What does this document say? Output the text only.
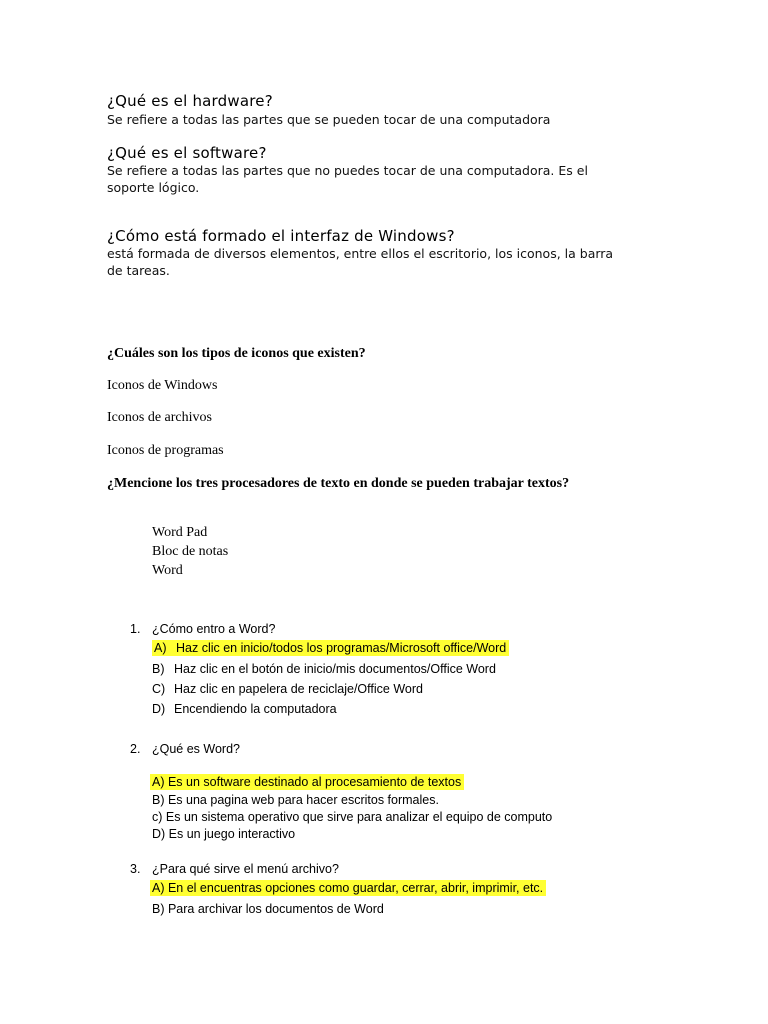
¿Qué es el hardware?
Se refiere a todas las partes que se pueden tocar de una computadora
¿Qué es el software?
Se refiere a todas las partes que no puedes tocar de una computadora. Es el
soporte lógico.
¿Cómo está formado el interfaz de Windows?
está formada de diversos elementos, entre ellos el escritorio, los iconos, la barra
de tareas.
¿Cuáles son los tipos de iconos que existen?
Iconos de Windows
Iconos de archivos
Iconos de programas
¿Mencione los tres procesadores de texto en donde se pueden trabajar textos?
Word Pad
Bloc de notas
Word
1. ¿Cómo entro a Word?
A) Haz clic en inicio/todos los programas/Microsoft office/Word
B) Haz clic en el botón de inicio/mis documentos/Office Word
C) Haz clic en papelera de reciclaje/Office Word
D) Encendiendo la computadora
2. ¿Qué es Word?
A) Es un software destinado al procesamiento de textos
B) Es una pagina web para hacer escritos formales.
c) Es un sistema operativo que sirve para analizar el equipo de computo
D) Es un juego interactivo
3. ¿Para qué sirve el menú archivo?
A) En el encuentras opciones como guardar, cerrar, abrir, imprimir, etc.
B) Para archivar los documentos de Word
